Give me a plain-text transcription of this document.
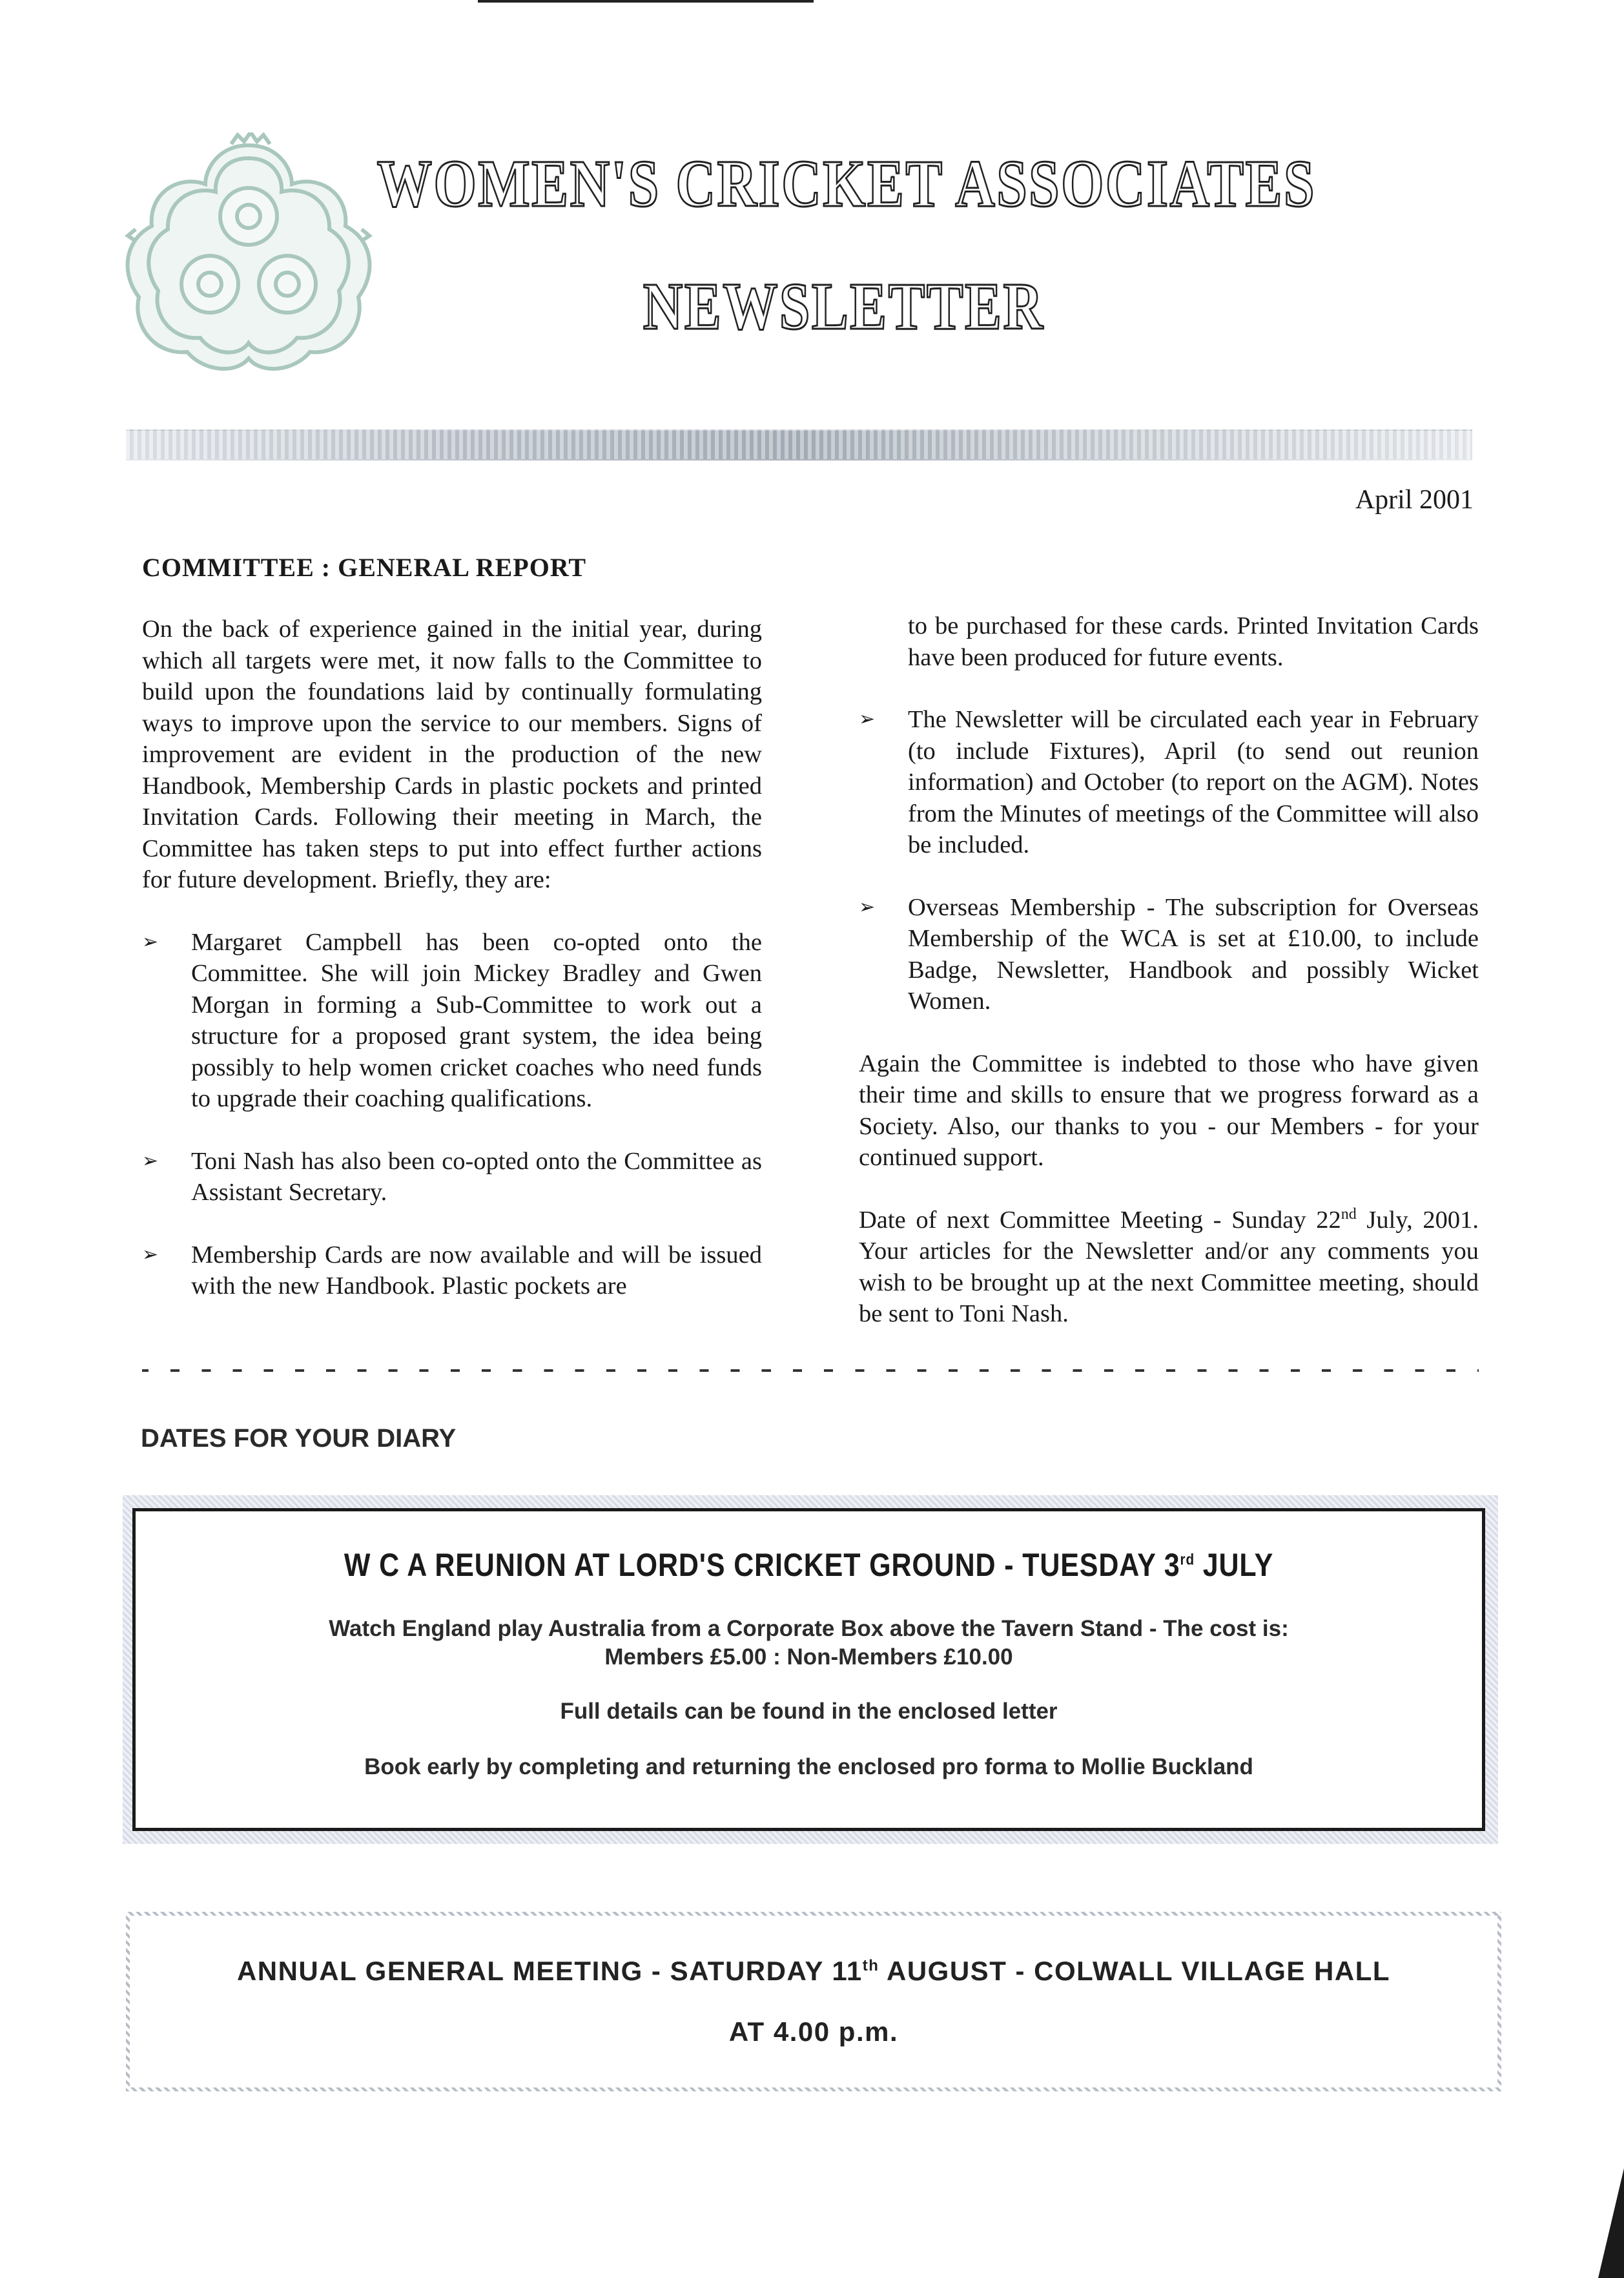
WOMEN'S CRICKET ASSOCIATES
NEWSLETTER
April 2001
COMMITTEE : GENERAL REPORT

On the back of experience gained in the initial year, during which all targets were met, it now falls to the Committee to build upon the foundations laid by continually formulating ways to improve upon the service to our members. Signs of improvement are evident in the production of the new Handbook, Membership Cards in plastic pockets and printed Invitation Cards. Following their meeting in March, the Committee has taken steps to put into effect further actions for future development. Briefly, they are:

➢	Margaret Campbell has been co-opted onto the Committee. She will join Mickey Bradley and Gwen Morgan in forming a Sub-Committee to work out a structure for a proposed grant system, the idea being possibly to help women cricket coaches who need funds to upgrade their coaching qualifications.
➢	Toni Nash has also been co-opted onto the Committee as Assistant Secretary.
➢	Membership Cards are now available and will be issued with the new Handbook. Plastic pockets are
to be purchased for these cards. Printed Invitation Cards have been produced for future events.
➢	The Newsletter will be circulated each year in February (to include Fixtures), April (to send out reunion information) and October (to report on the AGM). Notes from the Minutes of meetings of the Committee will also be included.
➢	Overseas Membership - The subscription for Overseas Membership of the WCA is set at £10.00, to include Badge, Newsletter, Handbook and possibly Wicket Women.

Again the Committee is indebted to those who have given their time and skills to ensure that we progress forward as a Society. Also, our thanks to you - our Members - for your continued support.

Date of next Committee Meeting - Sunday 22nd July, 2001. Your articles for the Newsletter and/or any comments you wish to be brought up at the next Committee meeting, should be sent to Toni Nash.

DATES FOR YOUR DIARY
W C A REUNION AT LORD'S CRICKET GROUND - TUESDAY 3rd JULY
Watch England play Australia from a Corporate Box above the Tavern Stand - The cost is:
Members £5.00 : Non-Members £10.00
Full details can be found in the enclosed letter
Book early by completing and returning the enclosed pro forma to Mollie Buckland
ANNUAL GENERAL MEETING - SATURDAY 11th AUGUST - COLWALL VILLAGE HALL
AT 4.00 p.m.
